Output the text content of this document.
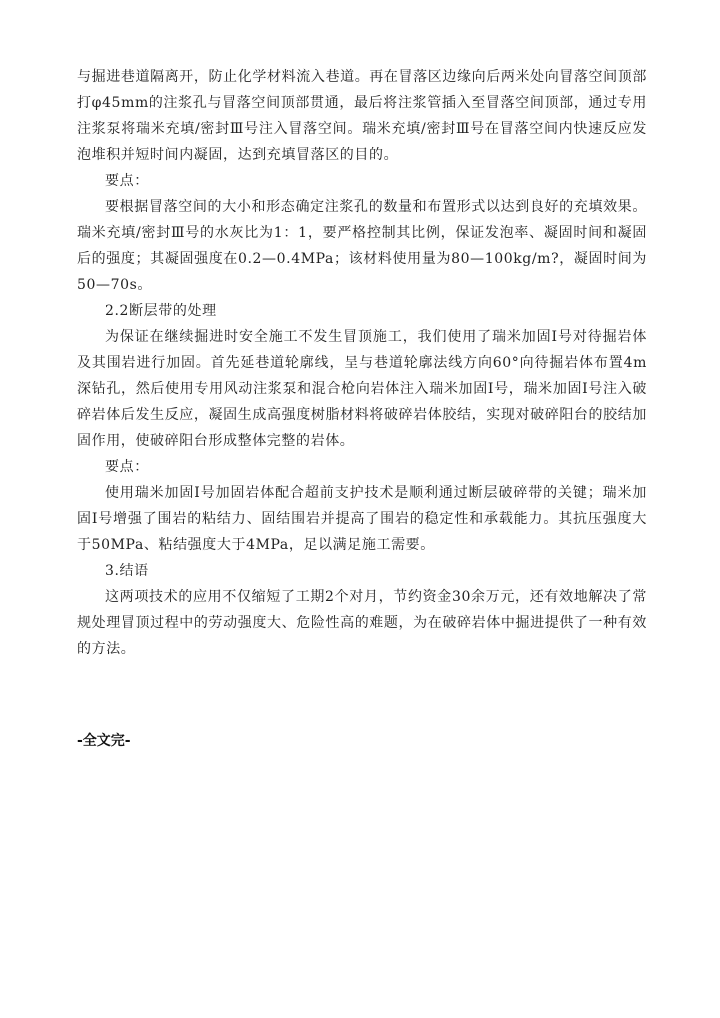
与掘进巷道隔离开，防止化学材料流入巷道。再在冒落区边缘向后两米处向冒落空间顶部打φ45mm的注浆孔与冒落空间顶部贯通，最后将注浆管插入至冒落空间顶部，通过专用注浆泵将瑞米充填/密封Ⅲ号注入冒落空间。瑞米充填/密封Ⅲ号在冒落空间内快速反应发泡堆积并短时间内凝固，达到充填冒落区的目的。

要点：

要根据冒落空间的大小和形态确定注浆孔的数量和布置形式以达到良好的充填效果。瑞米充填/密封Ⅲ号的水灰比为1：1，要严格控制其比例，保证发泡率、凝固时间和凝固后的强度；其凝固强度在0.2—0.4MPa；该材料使用量为80—100kg/m?，凝固时间为50—70s。

2.2断层带的处理

为保证在继续掘进时安全施工不发生冒顶施工，我们使用了瑞米加固Ⅰ号对待掘岩体及其围岩进行加固。首先延巷道轮廓线，呈与巷道轮廓法线方向60°向待掘岩体布置4m深钻孔，然后使用专用风动注浆泵和混合枪向岩体注入瑞米加固Ⅰ号，瑞米加固Ⅰ号注入破碎岩体后发生反应，凝固生成高强度树脂材料将破碎岩体胶结，实现对破碎阳台的胶结加固作用，使破碎阳台形成整体完整的岩体。

要点：

使用瑞米加固Ⅰ号加固岩体配合超前支护技术是顺利通过断层破碎带的关键；瑞米加固Ⅰ号增强了围岩的粘结力、固结围岩并提高了围岩的稳定性和承载能力。其抗压强度大于50MPa、粘结强度大于4MPa，足以满足施工需要。

3.结语

这两项技术的应用不仅缩短了工期2个对月，节约资金30余万元，还有效地解决了常规处理冒顶过程中的劳动强度大、危险性高的难题，为在破碎岩体中掘进提供了一种有效的方法。

-全文完-
